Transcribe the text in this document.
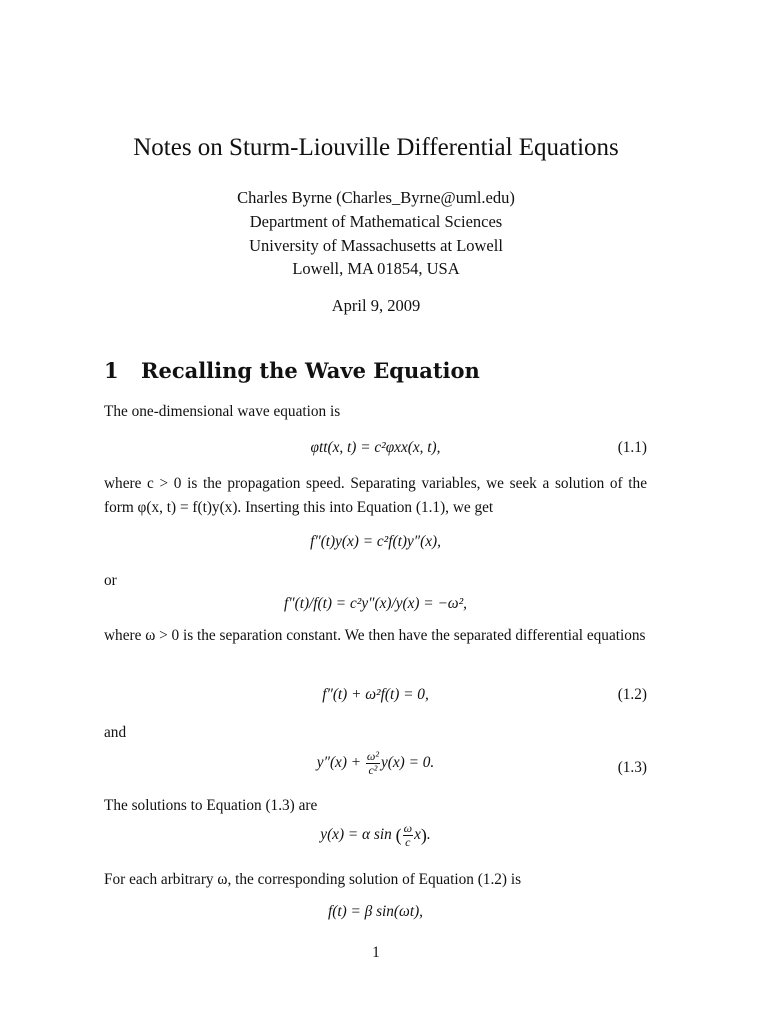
Notes on Sturm-Liouville Differential Equations
Charles Byrne (Charles_Byrne@uml.edu)
Department of Mathematical Sciences
University of Massachusetts at Lowell
Lowell, MA 01854, USA
April 9, 2009
1 Recalling the Wave Equation
The one-dimensional wave equation is
φtt(x, t) = c²φxx(x, t),	(1.1)
where c > 0 is the propagation speed. Separating variables, we seek a solution of the form φ(x, t) = f(t)y(x). Inserting this into Equation (1.1), we get
f″(t)y(x) = c²f(t)y″(x),
or
f″(t)/f(t) = c²y″(x)/y(x) = −ω²,
where ω > 0 is the separation constant. We then have the separated differential equations
f″(t) + ω²f(t) = 0,	(1.2)
and
$y''(x) + \frac{\text{ω²}}{\text{c²}} y(x) = 0$.	(1.3)
The solutions to Equation (1.3) are
y(x) = α sin ( $\frac{\omega}{c} x$).
For each arbitrary ω, the corresponding solution of Equation (1.2) is
f(t) = β sin(ωt),
1
